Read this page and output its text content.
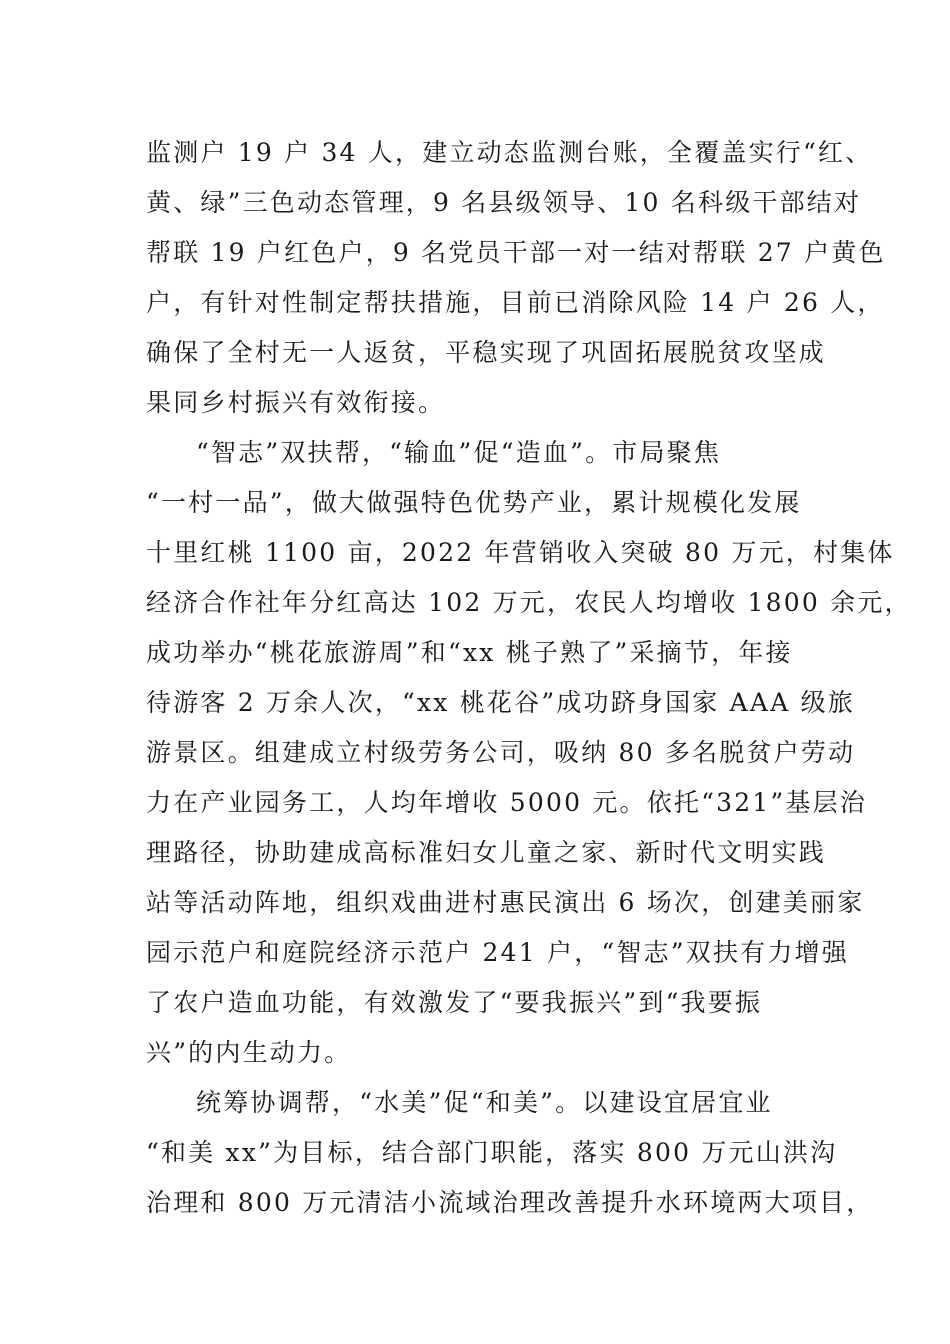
监测户 19 户 34 人，建立动态监测台账，全覆盖实行“红、
黄、绿”三色动态管理，9 名县级领导、10 名科级干部结对
帮联 19 户红色户，9 名党员干部一对一结对帮联 27 户黄色
户，有针对性制定帮扶措施，目前已消除风险 14 户 26 人，
确保了全村无一人返贫，平稳实现了巩固拓展脱贫攻坚成
果同乡村振兴有效衔接。
“智志”双扶帮，“输血”促“造血”。市局聚焦
“一村一品”，做大做强特色优势产业，累计规模化发展
十里红桃 1100 亩，2022 年营销收入突破 80 万元，村集体
经济合作社年分红高达 102 万元，农民人均增收 1800 余元，
成功举办“桃花旅游周”和“xx 桃子熟了”采摘节，年接
待游客 2 万余人次，“xx 桃花谷”成功跻身国家 AAA 级旅
游景区。组建成立村级劳务公司，吸纳 80 多名脱贫户劳动
力在产业园务工，人均年增收 5000 元。依托“321”基层治
理路径，协助建成高标准妇女儿童之家、新时代文明实践
站等活动阵地，组织戏曲进村惠民演出 6 场次，创建美丽家
园示范户和庭院经济示范户 241 户，“智志”双扶有力增强
了农户造血功能，有效激发了“要我振兴”到“我要振
兴”的内生动力。
统筹协调帮，“水美”促“和美”。以建设宜居宜业
“和美 xx”为目标，结合部门职能，落实 800 万元山洪沟
治理和 800 万元清洁小流域治理改善提升水环境两大项目，
